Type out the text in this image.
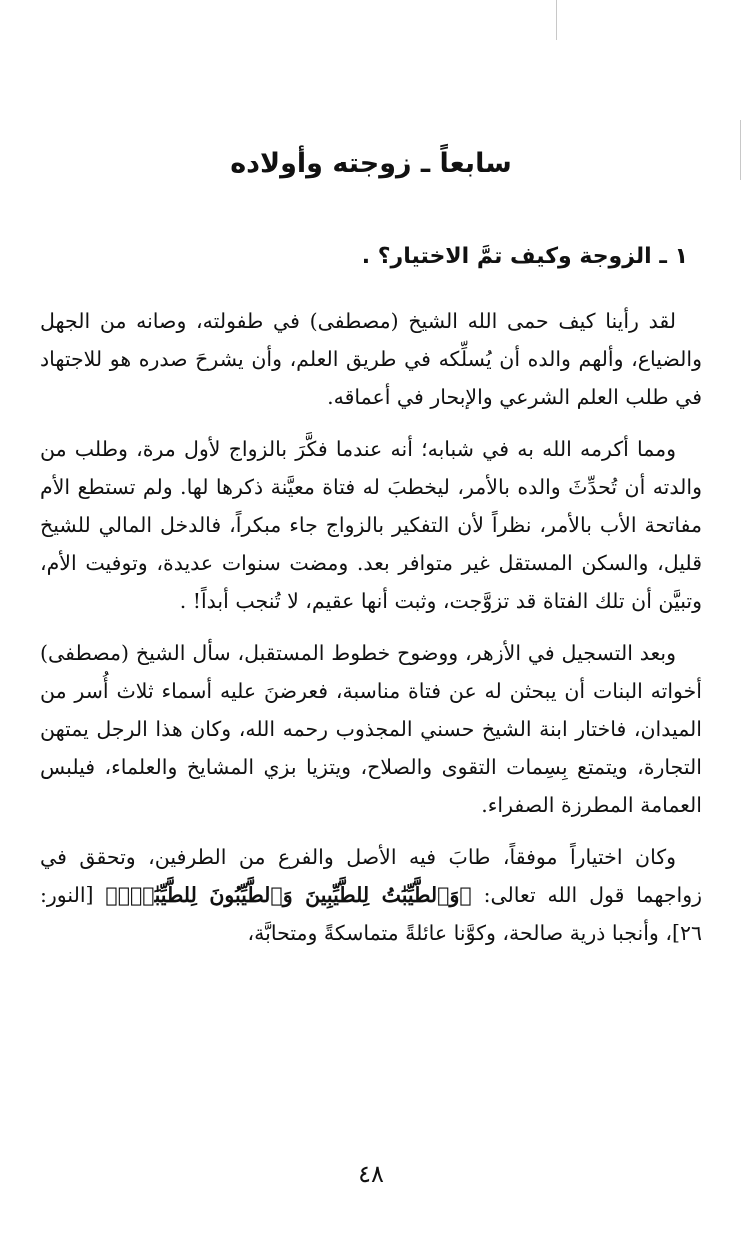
سابعاً ـ زوجته وأولاده
١ ـ الزوجة وكيف تمَّ الاختيار؟ .

لقد رأينا كيف حمى الله الشيخ (مصطفى) في طفولته، وصانه من الجهل والضياع، وألهم والده أن يُسلِّكه في طريق العلم، وأن يشرحَ صدره هو للاجتهاد في طلب العلم الشرعي والإبحار في أعماقه.

ومما أكرمه الله به في شبابه؛ أنه عندما فكَّرَ بالزواج لأول مرة، وطلب من والدته أن تُحدِّثَ والده بالأمر، ليخطبَ له فتاة معيَّنة ذكرها لها. ولم تستطع الأم مفاتحة الأب بالأمر، نظراً لأن التفكير بالزواج جاء مبكراً، فالدخل المالي للشيخ قليل، والسكن المستقل غير متوافر بعد. ومضت سنوات عديدة، وتوفيت الأم، وتبيَّن أن تلك الفتاة قد تزوَّجت، وثبت أنها عقيم، لا تُنجب أبداً! .

وبعد التسجيل في الأزهر، ووضوح خطوط المستقبل، سأل الشيخ (مصطفى) أخواته البنات أن يبحثن له عن فتاة مناسبة، فعرضنَ عليه أسماء ثلاث أُسر من الميدان، فاختار ابنة الشيخ حسني المجذوب رحمه الله، وكان هذا الرجل يمتهن التجارة، ويتمتع بِسِمات التقوى والصلاح، ويتزيا بزي المشايخ والعلماء، فيلبس العمامة المطرزة الصفراء.

وكان اختياراً موفقاً، طابَ فيه الأصل والفرع من الطرفين، وتحقق في زواجهما قول الله تعالى: ﴿وَٱلطَّيِّبَٰتُ لِلطَّيِّبِينَ وَٱلطَّيِّبُونَ لِلطَّيِّبَٰتِۚ﴾ [النور: ٢٦]، وأنجبا ذرية صالحة، وكوَّنا عائلةً متماسكةً ومتحابَّة،

٤٨
